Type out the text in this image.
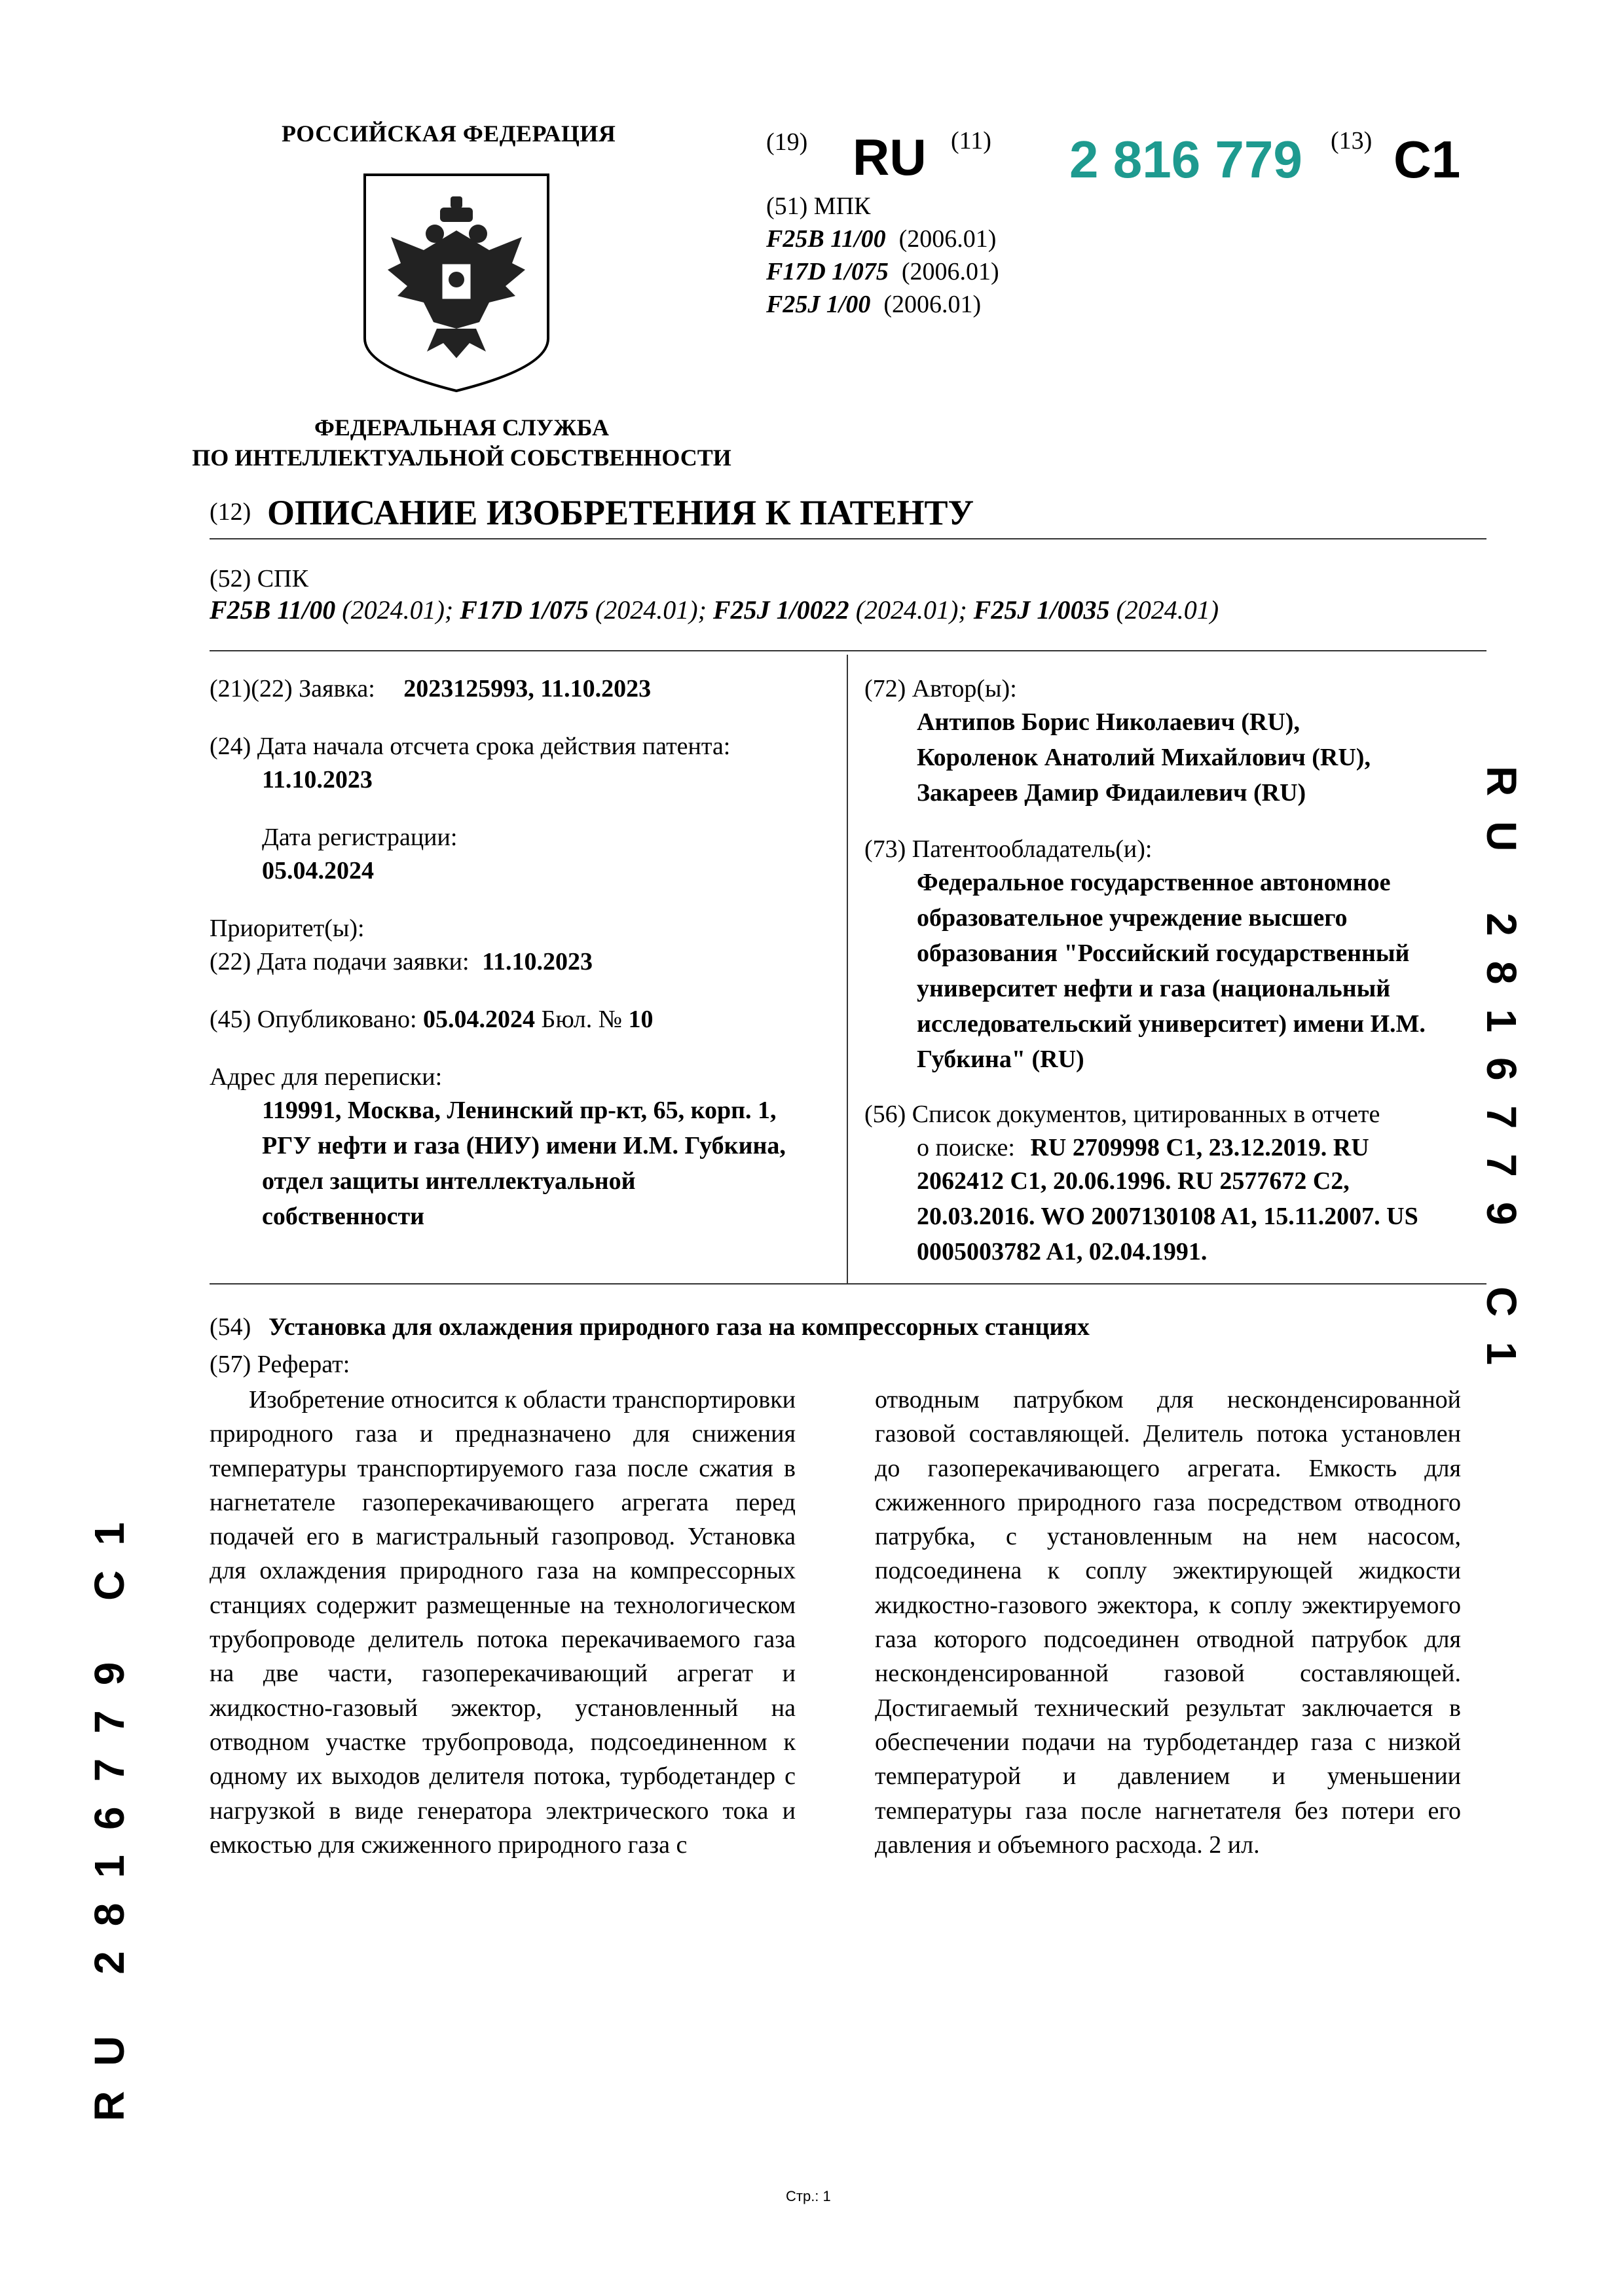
РОССИЙСКАЯ ФЕДЕРАЦИЯ
ФЕДЕРАЛЬНАЯ СЛУЖБА
ПО ИНТЕЛЛЕКТУАЛЬНОЙ СОБСТВЕННОСТИ
(19) RU (11) 2 816 779 (13) C1
(51) МПК
F25B 11/00 (2006.01)
F17D 1/075 (2006.01)
F25J 1/00 (2006.01)
(12) ОПИСАНИЕ ИЗОБРЕТЕНИЯ К ПАТЕНТУ
(52) СПК
F25B 11/00 (2024.01); F17D 1/075 (2024.01); F25J 1/0022 (2024.01); F25J 1/0035 (2024.01)
(21)(22) Заявка: 2023125993, 11.10.2023
(24) Дата начала отсчета срока действия патента:
11.10.2023
Дата регистрации:
05.04.2024
Приоритет(ы):
(22) Дата подачи заявки: 11.10.2023
(45) Опубликовано: 05.04.2024 Бюл. № 10
Адрес для переписки:
119991, Москва, Ленинский пр-кт, 65, корп. 1,
РГУ нефти и газа (НИУ) имени И.М. Губкина,
отдел защиты интеллектуальной
собственности
(72) Автор(ы):
Антипов Борис Николаевич (RU),
Короленок Анатолий Михайлович (RU),
Закареев Дамир Фидаилевич (RU)
(73) Патентообладатель(и):
Федеральное государственное автономное
образовательное учреждение высшего
образования "Российский государственный
университет нефти и газа (национальный
исследовательский университет) имени И.М.
Губкина" (RU)
(56) Список документов, цитированных в отчете
о поиске: RU 2709998 C1, 23.12.2019. RU
2062412 C1, 20.06.1996. RU 2577672 C2,
20.03.2016. WO 2007130108 A1, 15.11.2007. US
0005003782 A1, 02.04.1991.	RU 2816779 C1
RU 2816779 C1
(54) Установка для охлаждения природного газа на компрессорных станциях
(57) Реферат:

Изобретение относится к области транспортировки природного газа и предназначено для снижения температуры транспортируемого газа после сжатия в нагнетателе газоперекачивающего агрегата перед подачей его в магистральный газопровод. Установка для охлаждения природного газа на компрессорных станциях содержит размещенные на технологическом трубопроводе делитель потока перекачиваемого газа на две части, газоперекачивающий агрегат и жидкостно-газовый эжектор, установленный на отводном участке трубопровода, подсоединенном к одному их выходов делителя потока, турбодетандер с нагрузкой в виде генератора электрического тока и емкостью для сжиженного природного газа с

отводным патрубком для несконденсированной газовой составляющей. Делитель потока установлен до газоперекачивающего агрегата. Емкость для сжиженного природного газа посредством отводного патрубка, с установленным на нем насосом, подсоединена к соплу эжектирующей жидкости жидкостно-газового эжектора, к соплу эжектируемого газа которого подсоединен отводной патрубок для несконденсированной газовой составляющей. Достигаемый технический результат заключается в обеспечении подачи на турбодетандер газа с низкой температурой и давлением и уменьшении температуры газа после нагнетателя без потери его давления и объемного расхода. 2 ил.

Стр.: 1
